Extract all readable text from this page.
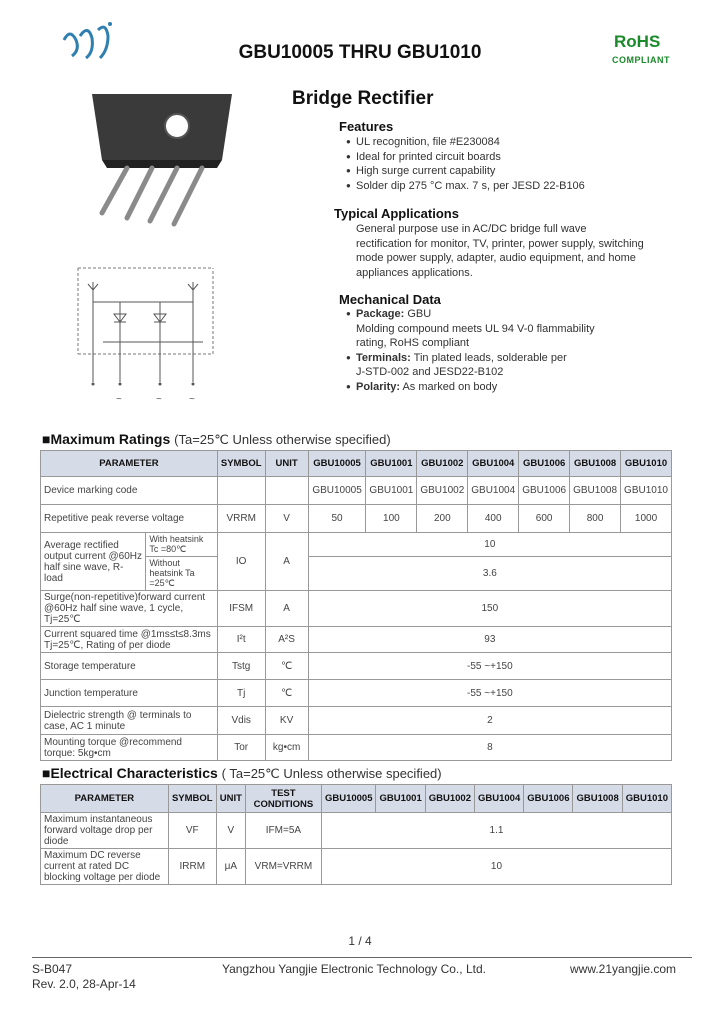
GBU10005 THRU GBU1010
RoHS
COMPLIANT
Bridge Rectifier
~	~	~
Features
● UL recognition, file #E230084
● Ideal for printed circuit boards
● High surge current capability
● Solder dip 275 °C max. 7 s, per JESD 22-B106
Typical Applications
General purpose use in AC/DC bridge full wave
rectification for monitor, TV, printer, power supply, switching
mode power supply, adapter, audio equipment, and home
appliances applications.
Mechanical Data
● Package: GBU
Molding compound meets UL 94 V-0 flammability
rating, RoHS compliant
● Terminals: Tin plated leads, solderable per
J-STD-002 and JESD22-B102
● Polarity: As marked on body
■Maximum Ratings (Ta=25℃ Unless otherwise specified)
PARAMETER		SYMBOL	UNIT	GBU10005	GBU1001	GBU1002	GBU1004	GBU1006	GBU1008	GBU1010
Device marking code				GBU10005	GBU1001	GBU1002	GBU1004	GBU1006	GBU1008	GBU1010
Repetitive peak reverse voltage		VRRM	V	50	100	200	400	600	800	1000
Average rectified output current @60Hz half sine wave, R-load	With heatsink Tc =80℃	IO	A	10						
	Without heatsink Ta =25℃			3.6						
Surge(non-repetitive)forward current @60Hz half sine wave, 1 cycle, Tj=25℃		IFSM	A	150						
Current squared time @1ms≤t≤8.3ms Tj=25℃, Rating of per diode		I²t	A²S	93						
Storage temperature		Tstg	℃	-55 ~+150						
Junction temperature		Tj	℃	-55 ~+150						
Dielectric strength @ terminals to case, AC 1 minute		Vdis	KV	2						
Mounting torque @recommend torque: 5kg•cm		Tor	kg•cm	8						
■Electrical Characteristics ( Ta=25℃ Unless otherwise specified)
PARAMETER	SYMBOL	UNIT	TEST CONDITIONS	GBU10005	GBU1001	GBU1002	GBU1004	GBU1006	GBU1008	GBU1010
Maximum instantaneous forward voltage drop per diode	VF	V	IFM=5A	1.1						
Maximum DC reverse current at rated DC blocking voltage per diode	IRRM	μA	VRM=VRRM	10						
1 / 4
S-B047
Rev. 2.0, 28-Apr-14
Yangzhou Yangjie Electronic Technology Co., Ltd.	www.21yangjie.com
